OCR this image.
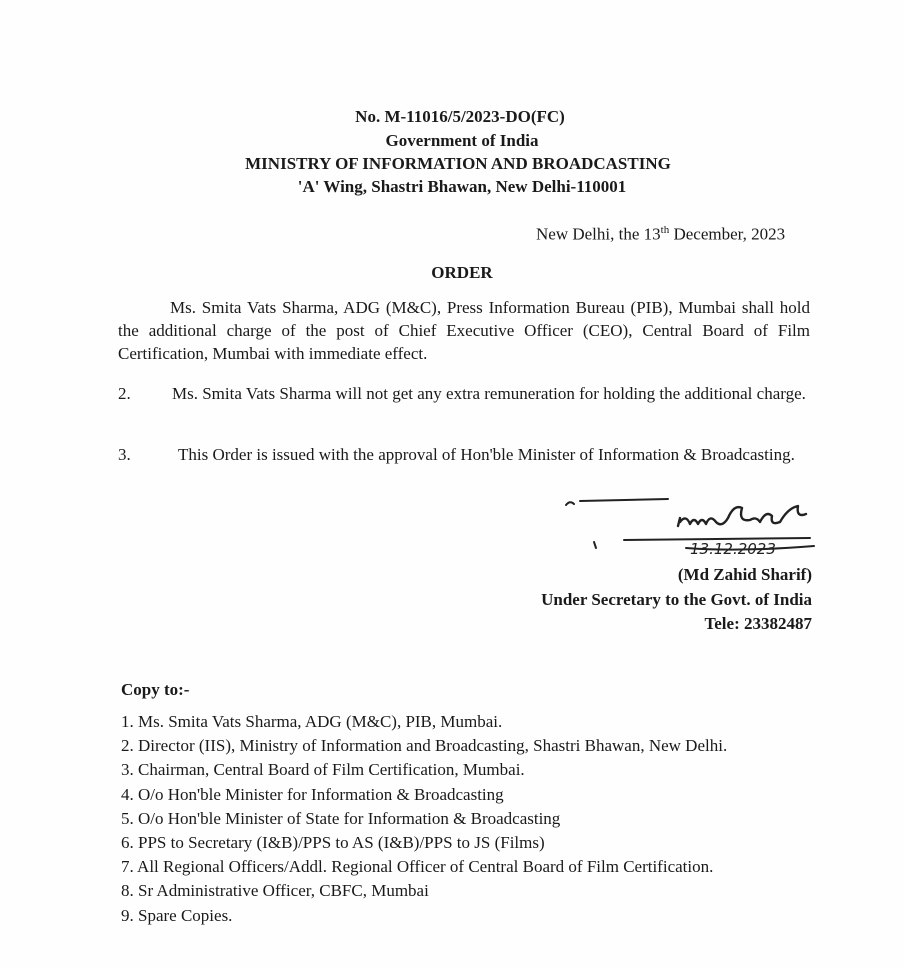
No. M-11016/5/2023-DO(FC)
Government of India
MINISTRY OF INFORMATION AND BROADCASTING
'A' Wing, Shastri Bhawan, New Delhi-110001
New Delhi, the 13th December, 2023
ORDER
Ms. Smita Vats Sharma, ADG (M&C), Press Information Bureau (PIB), Mumbai shall hold the additional charge of the post of Chief Executive Officer (CEO), Central Board of Film Certification, Mumbai with immediate effect.
2. Ms. Smita Vats Sharma will not get any extra remuneration for holding the additional charge.
3.	This Order is issued with the approval of Hon'ble Minister of Information & Broadcasting.
13.12.2023
(Md Zahid Sharif)
Under Secretary to the Govt. of India
Tele: 23382487
Copy to:-
1. Ms. Smita Vats Sharma, ADG (M&C), PIB, Mumbai.
2. Director (IIS), Ministry of Information and Broadcasting, Shastri Bhawan, New Delhi.
3. Chairman, Central Board of Film Certification, Mumbai.
4. O/o Hon'ble Minister for Information & Broadcasting
5. O/o Hon'ble Minister of State for Information & Broadcasting
6. PPS to Secretary (I&B)/PPS to AS (I&B)/PPS to JS (Films)
7. All Regional Officers/Addl. Regional Officer of Central Board of Film Certification.
8. Sr Administrative Officer, CBFC, Mumbai
9. Spare Copies.
